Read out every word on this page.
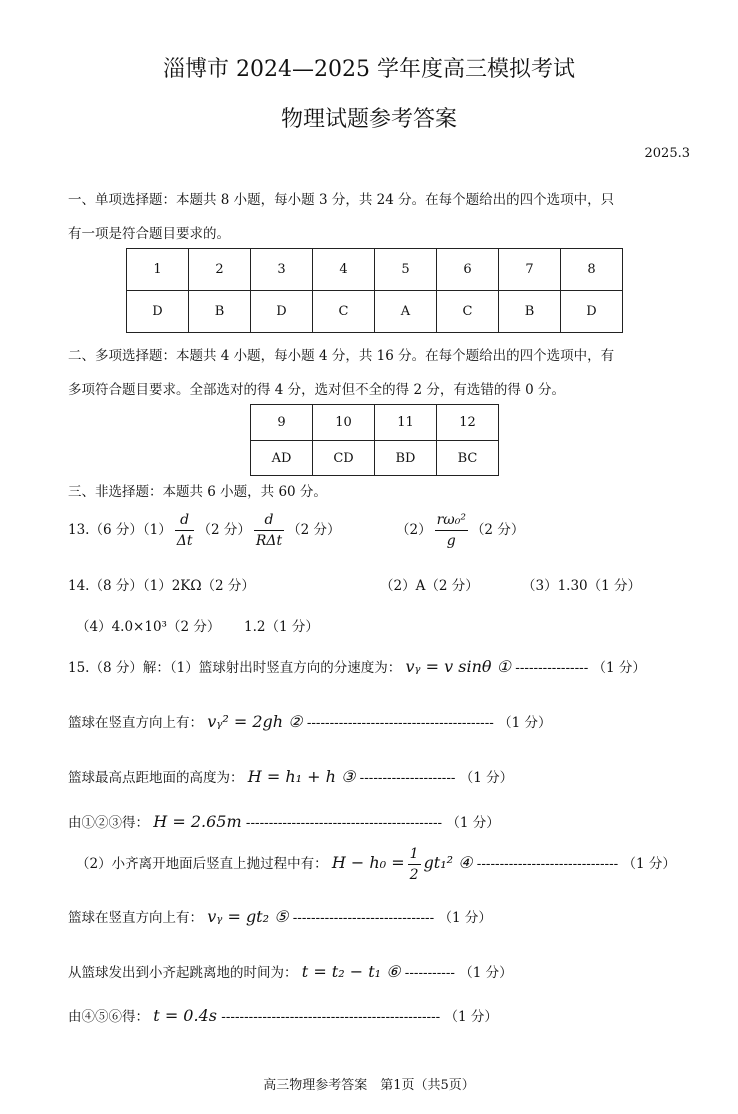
淄博市 2024—2025 学年度高三模拟考试
物理试题参考答案
2025.3
一、单项选择题：本题共 8 小题，每小题 3 分，共 24 分。在每个题给出的四个选项中，只
有一项是符合题目要求的。
1	2	3	4	5	6	7	8
D	B	D	C	A	C	B	D
二、多项选择题：本题共 4 小题，每小题 4 分，共 16 分。在每个题给出的四个选项中，有
多项符合题目要求。全部选对的得 4 分，选对但不全的得 2 分，有选错的得 0 分。
9	10	11	12
AD	CD	BD	BC
三、非选择题：本题共 6 小题，共 60 分。
13.（6 分）$(1) \frac{d}{\Delta t} (2$ 分） $\frac{d}{\text{RΔt}} (2$ 分）	$(2) \frac{\text{rω₀²}}{g} (2$ 分）
14.（8 分）（1）2KΩ（2 分）	（2）A（2 分）	（3）1.30（1 分）
（4）4.0×10³（2 分） 1.2（1 分）
15.（8 分）解：（1）篮球射出时竖直方向的分速度为： vᵧ = v sinθ ① ---------------- （1 分）
篮球在竖直方向上有： vᵧ² = 2gh ② ----------------------------------------- （1 分）
篮球最高点距地面的高度为： H = h₁ + h ③ --------------------- （1 分）
由①②③得： H = 2.65m ------------------------------------------- （1 分）
（2）小齐离开地面后竖直上抛过程中有： $H - h_0 = \frac{1}{2} gt_1^2$ ④ ------------------------------- （1 分）
篮球在竖直方向上有： vᵧ = gt₂ ⑤ ------------------------------- （1 分）
从篮球发出到小齐起跳离地的时间为： t = t₂ − t₁ ⑥ ----------- （1 分）
由④⑤⑥得： t = 0.4s ------------------------------------------------ （1 分）
高三物理参考答案　第1页（共5页）
